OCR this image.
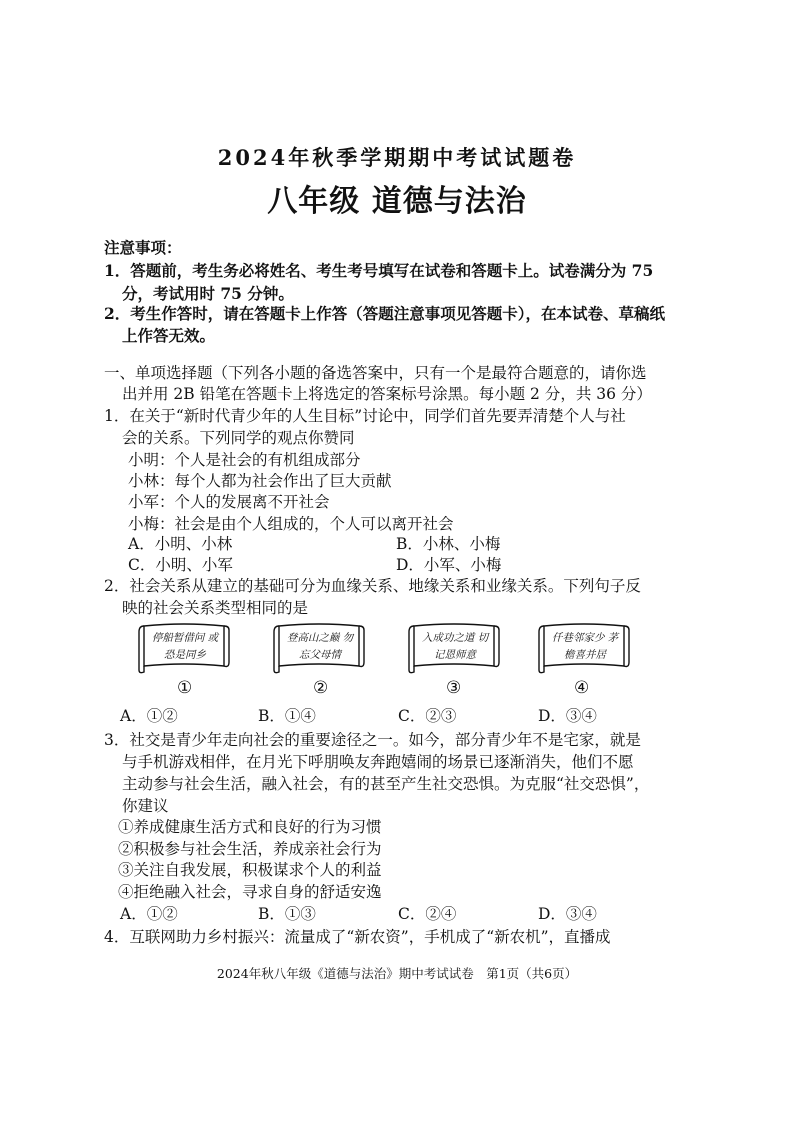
2024年秋季学期期中考试试题卷
八年级 道德与法治
注意事项：
1．答题前，考生务必将姓名、考生考号填写在试卷和答题卡上。试卷满分为 75
分，考试用时 75 分钟。
2．考生作答时，请在答题卡上作答（答题注意事项见答题卡），在本试卷、草稿纸
上作答无效。
一、单项选择题（下列各小题的备选答案中，只有一个是最符合题意的，请你选
出并用 2B 铅笔在答题卡上将选定的答案标号涂黑。每小题 2 分，共 36 分）
1．在关于“新时代青少年的人生目标”讨论中，同学们首先要弄清楚个人与社
会的关系。下列同学的观点你赞同
小明：个人是社会的有机组成部分
小林：每个人都为社会作出了巨大贡献
小军：个人的发展离不开社会
小梅：社会是由个人组成的，个人可以离开社会
A．小明、小林	B．小林、小梅
C．小明、小军	D．小军、小梅
2．社会关系从建立的基础可分为血缘关系、地缘关系和业缘关系。下列句子反
映的社会关系类型相同的是
停船暂借问 或恐是同乡
登高山之巅 勿忘父母情
入成功之道 切记恩师意
仟巷邻家少 茅檐喜并居
①	②	③	④
A．①②	B．①④	C．②③	D．③④
3．社交是青少年走向社会的重要途径之一。如今，部分青少年不是宅家，就是
与手机游戏相伴，在月光下呼朋唤友奔跑嬉闹的场景已逐渐消失，他们不愿
主动参与社会生活，融入社会，有的甚至产生社交恐惧。为克服“社交恐惧”，
你建议
①养成健康生活方式和良好的行为习惯
②积极参与社会生活，养成亲社会行为
③关注自我发展，积极谋求个人的利益
④拒绝融入社会，寻求自身的舒适安逸
A．①②	B．①③	C．②④	D．③④
4．互联网助力乡村振兴：流量成了“新农资”，手机成了“新农机”，直播成
2024年秋八年级《道德与法治》期中考试试卷　第1页（共6页）
